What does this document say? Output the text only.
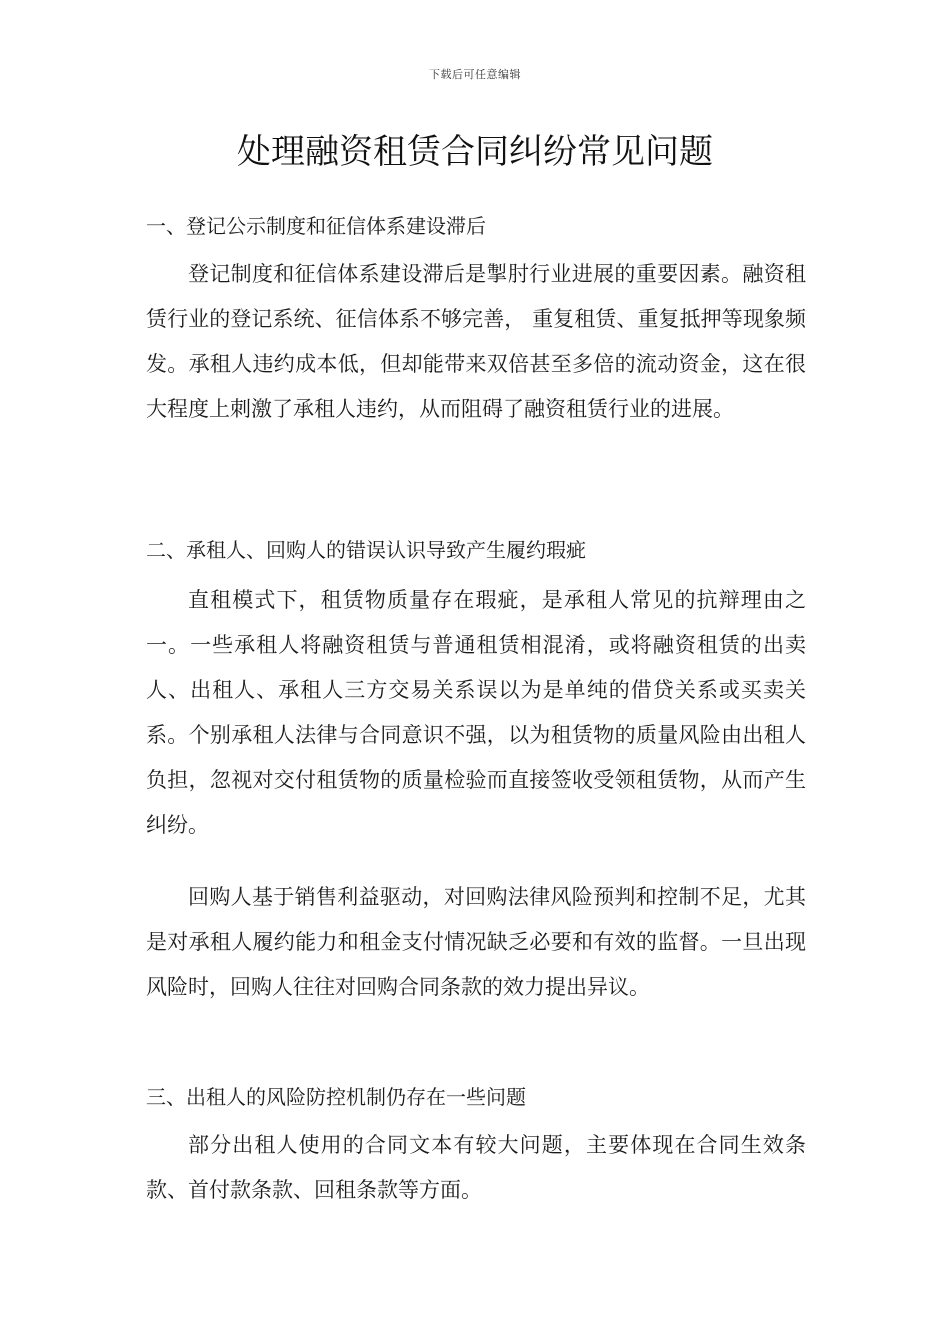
下载后可任意编辑
处理融资租赁合同纠纷常见问题
一、登记公示制度和征信体系建设滞后

登记制度和征信体系建设滞后是掣肘行业进展的重要因素。融资租赁行业的登记系统、征信体系不够完善， 重复租赁、重复抵押等现象频发。承租人违约成本低，但却能带来双倍甚至多倍的流动资金，这在很大程度上刺激了承租人违约，从而阻碍了融资租赁行业的进展。

二、承租人、回购人的错误认识导致产生履约瑕疵

直租模式下，租赁物质量存在瑕疵，是承租人常见的抗辩理由之一。一些承租人将融资租赁与普通租赁相混淆，或将融资租赁的出卖人、出租人、承租人三方交易关系误以为是单纯的借贷关系或买卖关系。个别承租人法律与合同意识不强，以为租赁物的质量风险由出租人负担，忽视对交付租赁物的质量检验而直接签收受领租赁物，从而产生纠纷。

回购人基于销售利益驱动，对回购法律风险预判和控制不足，尤其是对承租人履约能力和租金支付情况缺乏必要和有效的监督。一旦出现风险时，回购人往往对回购合同条款的效力提出异议。

三、出租人的风险防控机制仍存在一些问题

部分出租人使用的合同文本有较大问题，主要体现在合同生效条款、首付款条款、回租条款等方面。
